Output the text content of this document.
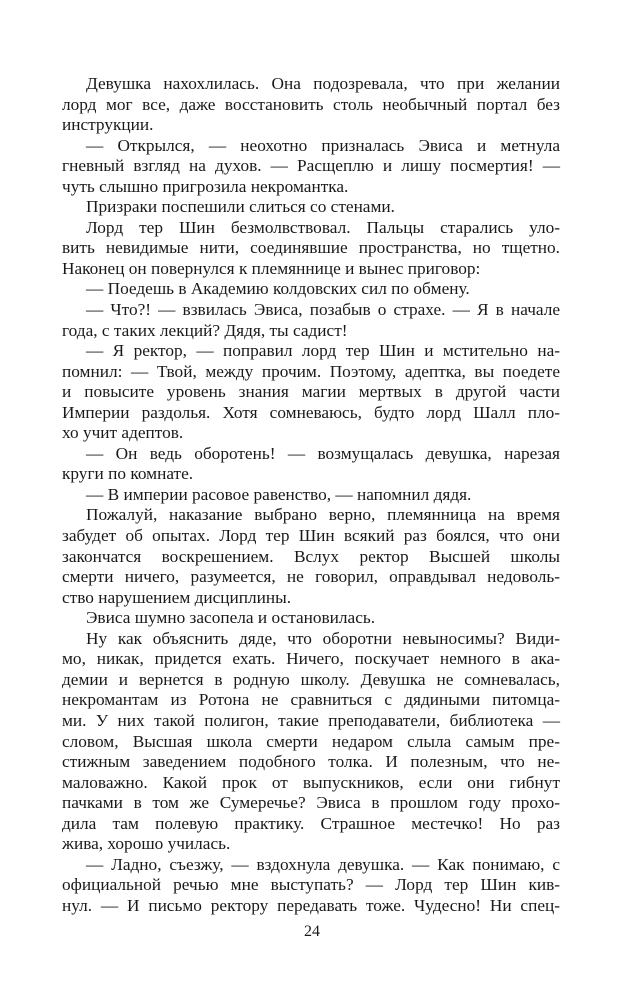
Девушка нахохлилась. Она подозревала, что при желании
лорд мог все, даже восстановить столь необычный портал без
инструкции.
— Открылся, — неохотно призналась Эвиса и метнула
гневный взгляд на духов. — Расщеплю и лишу посмертия! —
чуть слышно пригрозила некромантка.
Призраки поспешили слиться со стенами.
Лорд тер Шин безмолвствовал. Пальцы старались уло-
вить невидимые нити, соединявшие пространства, но тщетно.
Наконец он повернулся к племяннице и вынес приговор:
— Поедешь в Академию колдовских сил по обмену.
— Что?! — взвилась Эвиса, позабыв о страхе. — Я в начале
года, с таких лекций? Дядя, ты садист!
— Я ректор, — поправил лорд тер Шин и мстительно на-
помнил: — Твой, между прочим. Поэтому, адептка, вы поедете
и повысите уровень знания магии мертвых в другой части
Империи раздолья. Хотя сомневаюсь, будто лорд Шалл пло-
хо учит адептов.
— Он ведь оборотень! — возмущалась девушка, нарезая
круги по комнате.
— В империи расовое равенство, — напомнил дядя.
Пожалуй, наказание выбрано верно, племянница на время
забудет об опытах. Лорд тер Шин всякий раз боялся, что они
закончатся воскрешением. Вслух ректор Высшей школы
смерти ничего, разумеется, не говорил, оправдывал недоволь-
ство нарушением дисциплины.
Эвиса шумно засопела и остановилась.
Ну как объяснить дяде, что оборотни невыносимы? Види-
мо, никак, придется ехать. Ничего, поскучает немного в ака-
демии и вернется в родную школу. Девушка не сомневалась,
некромантам из Ротона не сравниться с дядиными питомца-
ми. У них такой полигон, такие преподаватели, библиотека —
словом, Высшая школа смерти недаром слыла самым пре-
стижным заведением подобного толка. И полезным, что не-
маловажно. Какой прок от выпускников, если они гибнут
пачками в том же Сумеречье? Эвиса в прошлом году прохо-
дила там полевую практику. Страшное местечко! Но раз
жива, хорошо училась.
— Ладно, съезжу, — вздохнула девушка. — Как понимаю, с
официальной речью мне выступать? — Лорд тер Шин кив-
нул. — И письмо ректору передавать тоже. Чудесно! Ни спец-
24
